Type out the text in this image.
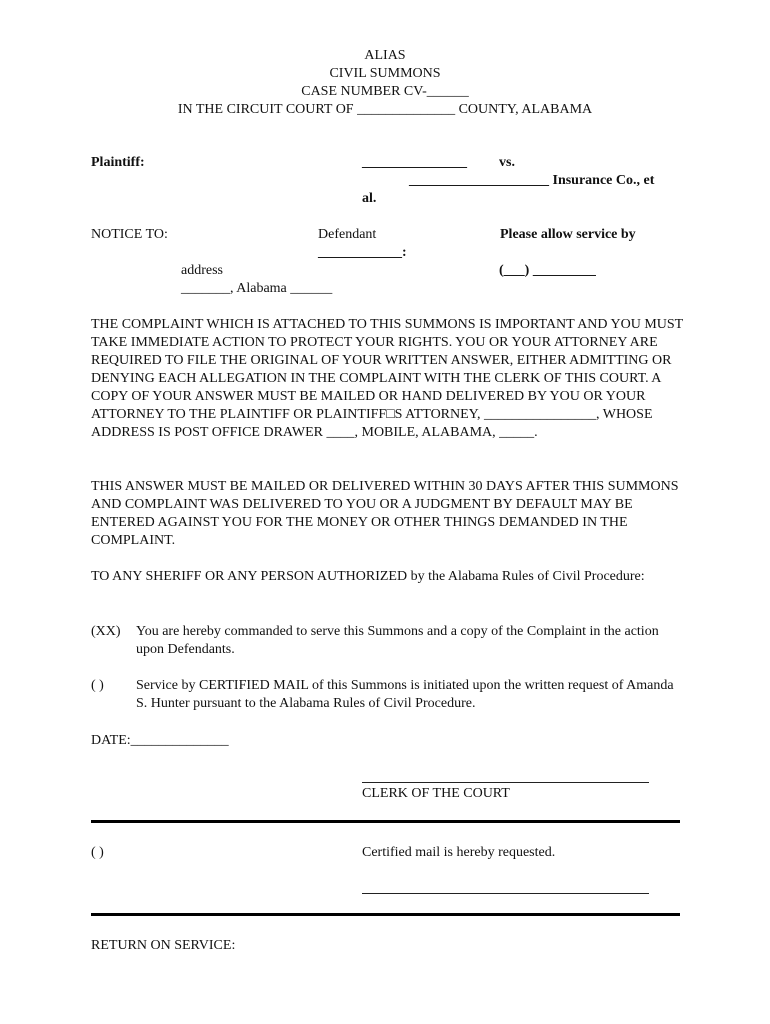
ALIAS
CIVIL SUMMONS
CASE NUMBER CV-______
IN THE CIRCUIT COURT OF ______________ COUNTY, ALABAMA
Plaintiff:	_______________ vs.
____________________ Insurance Co., et
al.
NOTICE TO:	Defendant	Please allow service by
____________:
address	(___) _________
_______, Alabama ______
THE COMPLAINT WHICH IS ATTACHED TO THIS SUMMONS IS IMPORTANT AND YOU MUST TAKE IMMEDIATE ACTION TO PROTECT YOUR RIGHTS. YOU OR YOUR ATTORNEY ARE REQUIRED TO FILE THE ORIGINAL OF YOUR WRITTEN ANSWER, EITHER ADMITTING OR DENYING EACH ALLEGATION IN THE COMPLAINT WITH THE CLERK OF THIS COURT. A COPY OF YOUR ANSWER MUST BE MAILED OR HAND DELIVERED BY YOU OR YOUR ATTORNEY TO THE PLAINTIFF OR PLAINTIFF□S ATTORNEY, ________________, WHOSE ADDRESS IS POST OFFICE DRAWER ____, MOBILE, ALABAMA, _____.
THIS ANSWER MUST BE MAILED OR DELIVERED WITHIN 30 DAYS AFTER THIS SUMMONS AND COMPLAINT WAS DELIVERED TO YOU OR A JUDGMENT BY DEFAULT MAY BE ENTERED AGAINST YOU FOR THE MONEY OR OTHER THINGS DEMANDED IN THE COMPLAINT.
TO ANY SHERIFF OR ANY PERSON AUTHORIZED by the Alabama Rules of Civil Procedure:
(XX) You are hereby commanded to serve this Summons and a copy of the Complaint in the action upon Defendants.
( ) Service by CERTIFIED MAIL of this Summons is initiated upon the written request of Amanda S. Hunter pursuant to the Alabama Rules of Civil Procedure.
DATE:______________
CLERK OF THE COURT
( )	Certified mail is hereby requested.
RETURN ON SERVICE:
